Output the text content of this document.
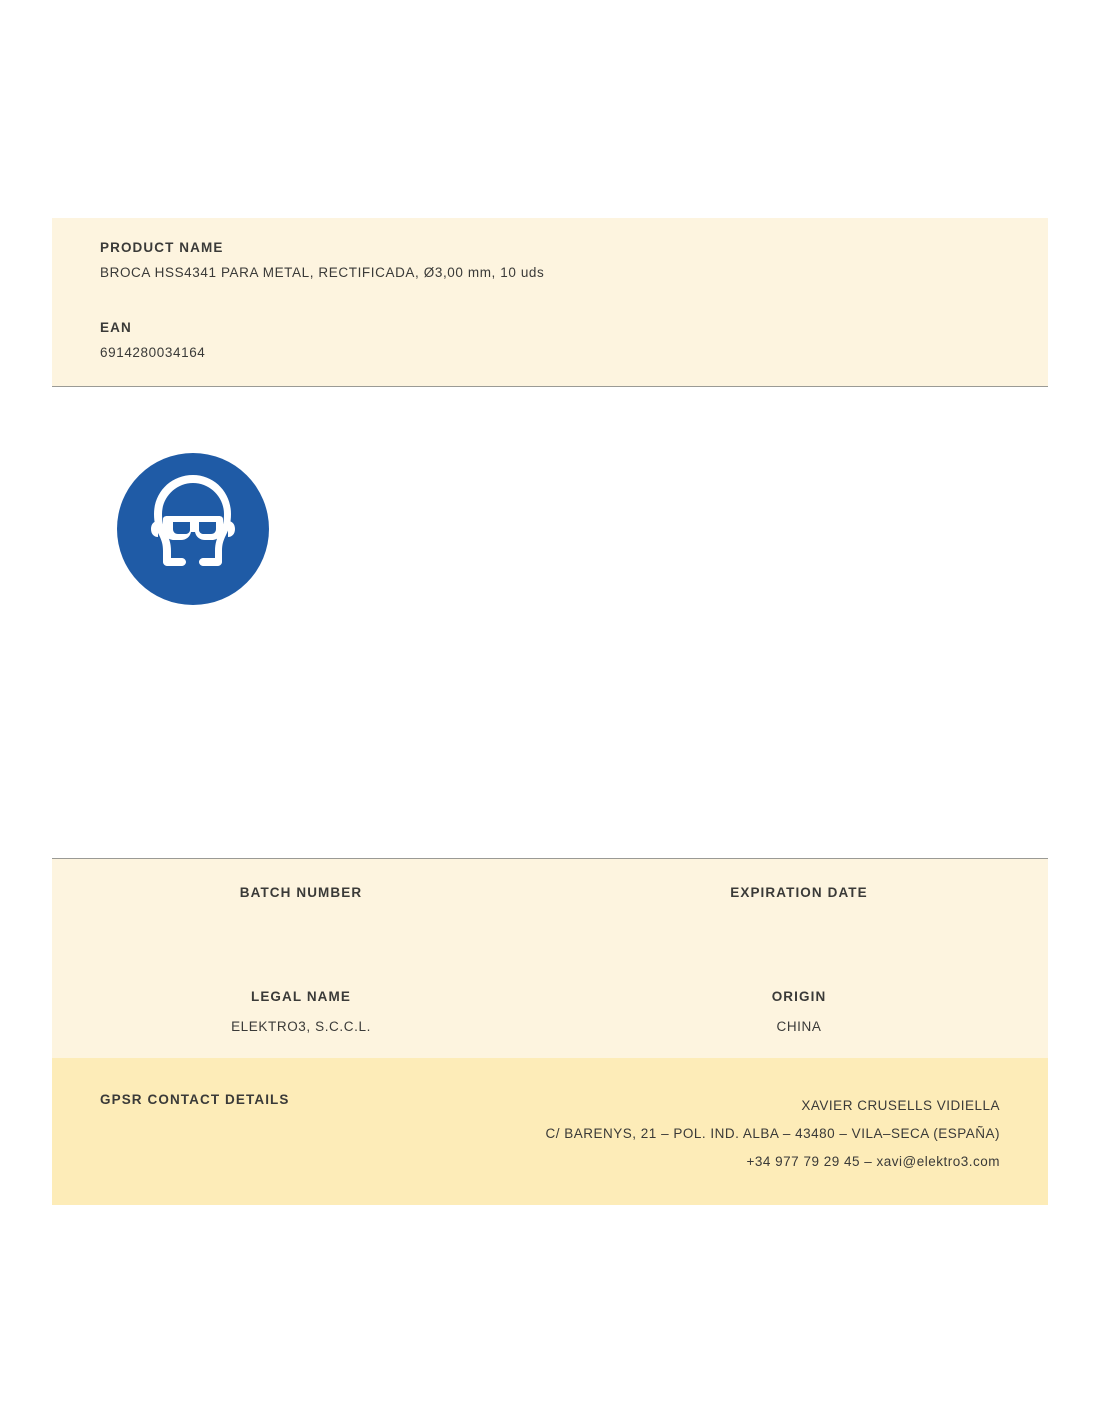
PRODUCT NAME

BROCA HSS4341 PARA METAL, RECTIFICADA, Ø3,00 mm, 10 uds

EAN

6914280034164

BATCH NUMBER	EXPIRATION DATE

LEGAL NAME

ELEKTRO3, S.C.C.L.

ORIGIN

CHINA

GPSR CONTACT DETAILS	XAVIER CRUSELLS VIDIELLA
C/ BARENYS, 21 – POL. IND. ALBA – 43480 – VILA–SECA (ESPAÑA)
+34 977 79 29 45 – xavi@elektro3.com
